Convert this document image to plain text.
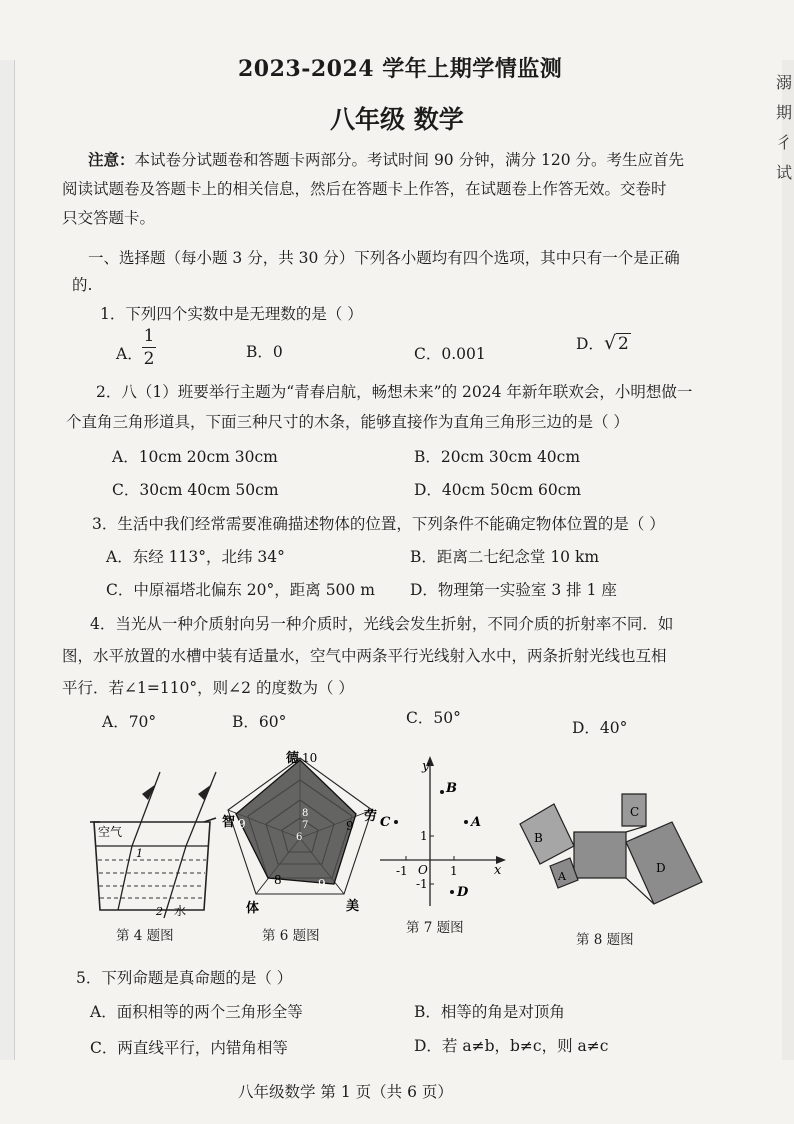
溺
期
彳
试
2023-2024 学年上期学情监测
八年级 数学
注意：本试卷分试题卷和答题卡两部分。考试时间 90 分钟，满分 120 分。考生应首先
阅读试题卷及答题卡上的相关信息，然后在答题卡上作答，在试题卷上作答无效。交卷时
只交答题卡。
一、选择题（每小题 3 分，共 30 分）下列各小题均有四个选项，其中只有一个是正确
的.
1．下列四个实数中是无理数的是（ ）
A．
1
2	B．0	C．0.001
D．√ 2
2．八（1）班要举行主题为“青春启航，畅想未来”的 2024 年新年联欢会，小明想做一
个直角三角形道具，下面三种尺寸的木条，能够直接作为直角三角形三边的是（ ）
A．10cm 20cm 30cm	B．20cm 30cm 40cm
C．30cm 40cm 50cm	D．40cm 50cm 60cm
3．生活中我们经常需要准确描述物体的位置，下列条件不能确定物体位置的是（ ）
A．东经 113°，北纬 34°	B．距离二七纪念堂 10 km
C．中原福塔北偏东 20°，距离 500 m D．物理第一实验室 3 排 1 座
4．当光从一种介质射向另一种介质时，光线会发生折射，不同介质的折射率不同．如
图，水平放置的水槽中装有适量水，空气中两条平行光线射入水中，两条折射光线也互相
平行．若∠1=110°，则∠2 的度数为（ ）
A．70°	B．60°	C．50°
D．40°
空气
1
2 水
第 4 题图
德 10
劳
9
美
9
体
8
智 9
8
7
6
第 6 题图
y
x
O 1
-1
1
-1
B
A
C
D
第 7 题图
B
A
C
D
第 8 题图
5．下列命题是真命题的是（ ）
A．面积相等的两个三角形全等	B．相等的角是对顶角
C．两直线平行，内错角相等	D．若 a≠b，b≠c，则 a≠c
八年级数学 第 1 页（共 6 页）
